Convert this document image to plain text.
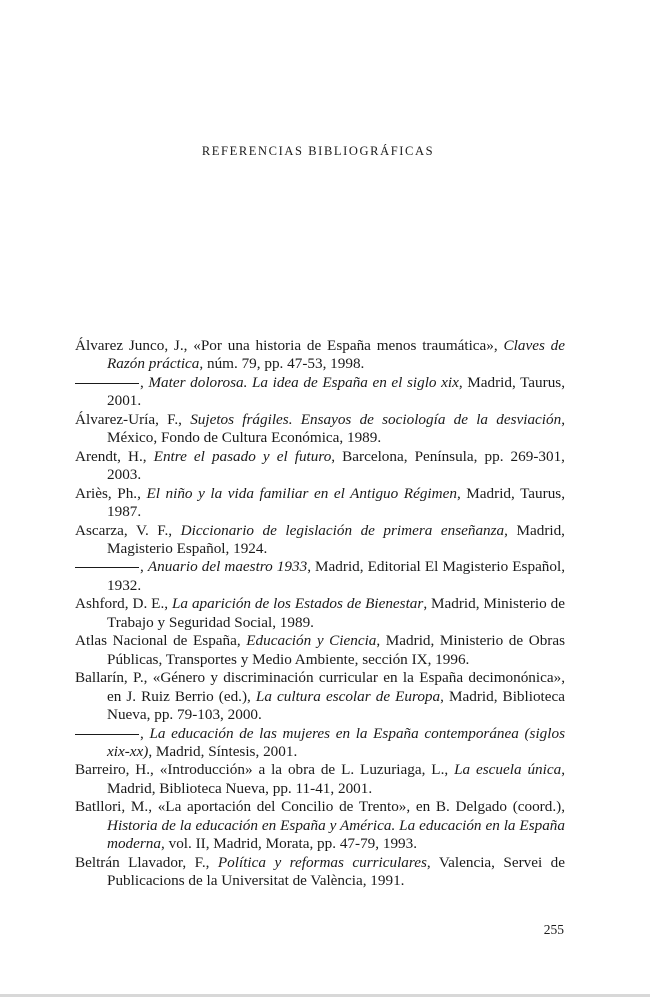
REFERENCIAS BIBLIOGRÁFICAS
Álvarez Junco, J., «Por una historia de España menos traumática», Claves de Razón práctica, núm. 79, pp. 47-53, 1998.
, Mater dolorosa. La idea de España en el siglo xix, Madrid, Taurus, 2001.
Álvarez-Uría, F., Sujetos frágiles. Ensayos de sociología de la desviación, México, Fondo de Cultura Económica, 1989.
Arendt, H., Entre el pasado y el futuro, Barcelona, Península, pp. 269-301, 2003.
Ariès, Ph., El niño y la vida familiar en el Antiguo Régimen, Madrid, Taurus, 1987.
Ascarza, V. F., Diccionario de legislación de primera enseñanza, Madrid, Magisterio Español, 1924.
, Anuario del maestro 1933, Madrid, Editorial El Magisterio Español, 1932.
Ashford, D. E., La aparición de los Estados de Bienestar, Madrid, Ministerio de Trabajo y Seguridad Social, 1989.
Atlas Nacional de España, Educación y Ciencia, Madrid, Ministerio de Obras Públicas, Transportes y Medio Ambiente, sección IX, 1996.
Ballarín, P., «Género y discriminación curricular en la España decimonónica», en J. Ruiz Berrio (ed.), La cultura escolar de Europa, Madrid, Biblioteca Nueva, pp. 79-103, 2000.
, La educación de las mujeres en la España contemporánea (siglos xix-xx), Madrid, Síntesis, 2001.
Barreiro, H., «Introducción» a la obra de L. Luzuriaga, L., La escuela única, Madrid, Biblioteca Nueva, pp. 11-41, 2001.
Batllori, M., «La aportación del Concilio de Trento», en B. Delgado (coord.), Historia de la educación en España y América. La educación en la España moderna, vol. II, Madrid, Morata, pp. 47-79, 1993.
Beltrán Llavador, F., Política y reformas curriculares, Valencia, Servei de Publicacions de la Universitat de València, 1991.
255
